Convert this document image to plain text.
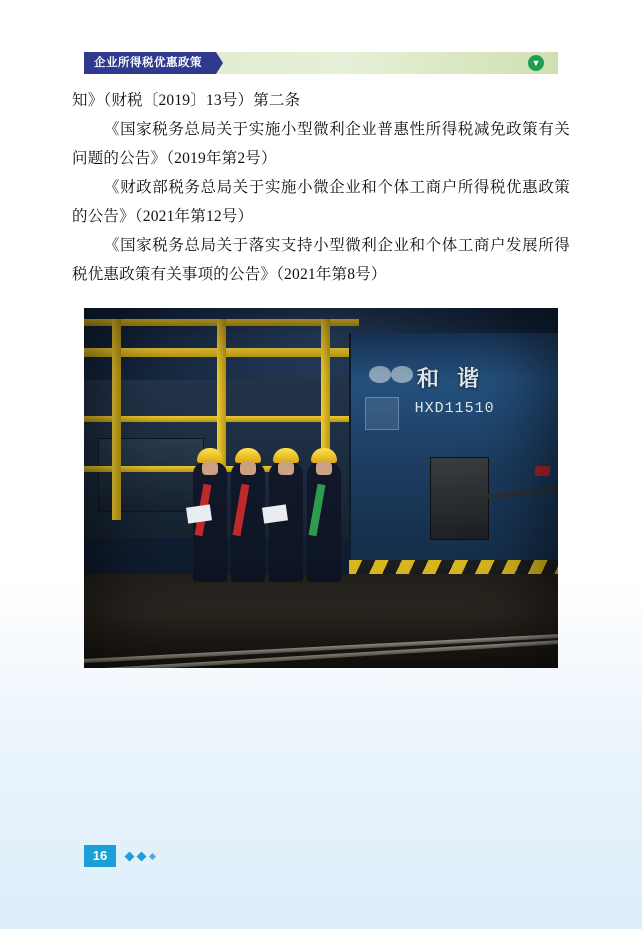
企业所得税优惠政策	▼

知》（财税〔2019〕13号）第二条

《国家税务总局关于实施小型微利企业普惠性所得税减免政策有关问题的公告》（2019年第2号）

《财政部税务总局关于实施小微企业和个体工商户所得税优惠政策的公告》（2021年第12号）

《国家税务总局关于落实支持小型微利企业和个体工商户发展所得税优惠政策有关事项的公告》（2021年第8号）

和 谐
HXD11510
16
